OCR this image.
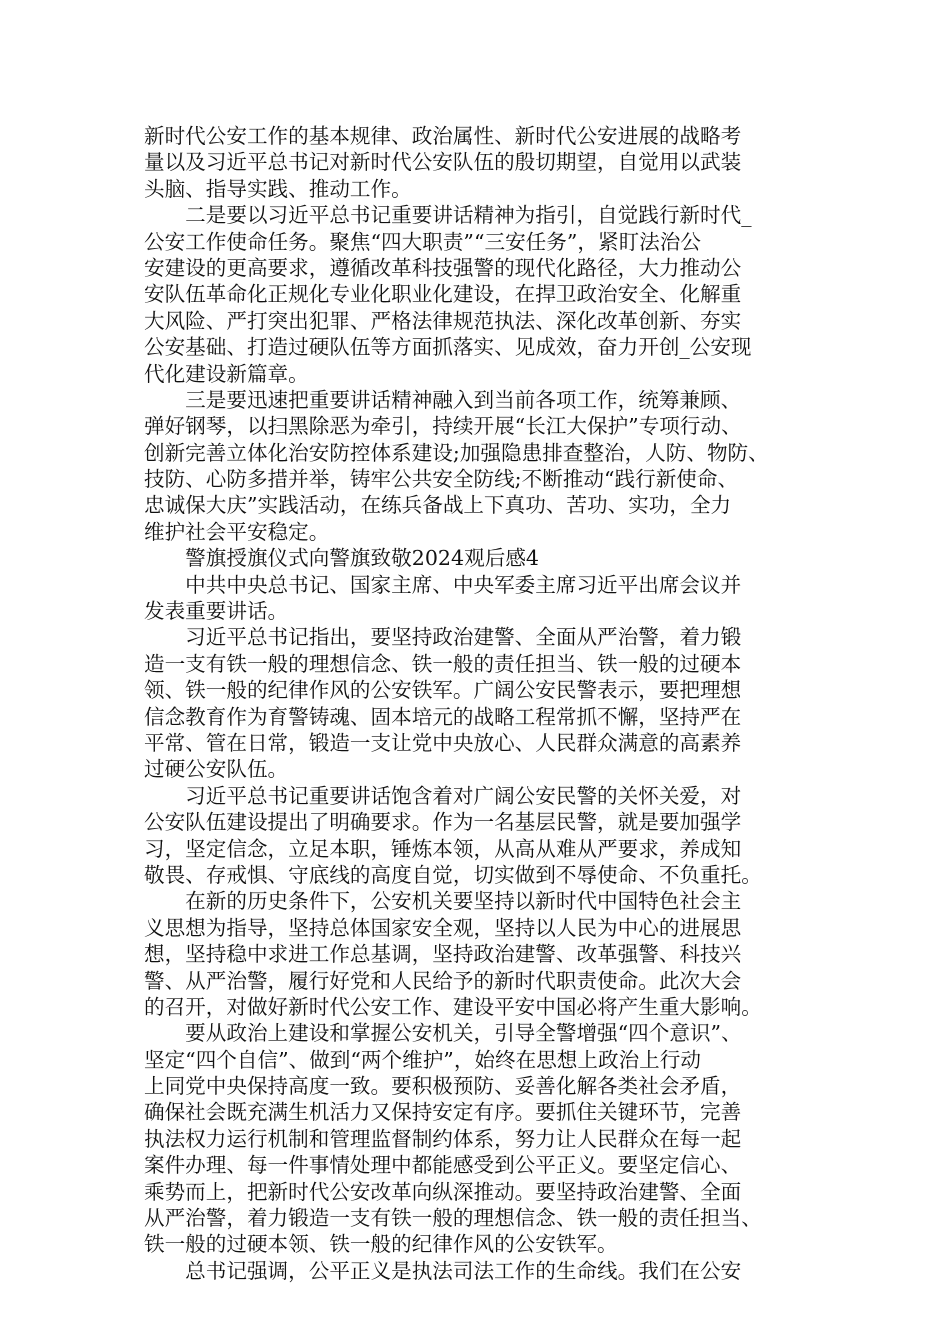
新时代公安工作的基本规律、政治属性、新时代公安进展的战略考
量以及习近平总书记对新时代公安队伍的殷切期望，自觉用以武装
头脑、指导实践、推动工作。
　　二是要以习近平总书记重要讲话精神为指引，自觉践行新时代_
公安工作使命任务。聚焦“四大职责”“三安任务”，紧盯法治公
安建设的更高要求，遵循改革科技强警的现代化路径，大力推动公
安队伍革命化正规化专业化职业化建设，在捍卫政治安全、化解重
大风险、严打突出犯罪、严格法律规范执法、深化改革创新、夯实
公安基础、打造过硬队伍等方面抓落实、见成效，奋力开创_公安现
代化建设新篇章。
　　三是要迅速把重要讲话精神融入到当前各项工作，统筹兼顾、
弹好钢琴，以扫黑除恶为牵引，持续开展“长江大保护”专项行动、
创新完善立体化治安防控体系建设;加强隐患排查整治，人防、物防、
技防、心防多措并举，铸牢公共安全防线;不断推动“践行新使命、
忠诚保大庆”实践活动，在练兵备战上下真功、苦功、实功，全力
维护社会平安稳定。
　　警旗授旗仪式向警旗致敬2024观后感4
　　中共中央总书记、国家主席、中央军委主席习近平出席会议并
发表重要讲话。
　　习近平总书记指出，要坚持政治建警、全面从严治警，着力锻
造一支有铁一般的理想信念、铁一般的责任担当、铁一般的过硬本
领、铁一般的纪律作风的公安铁军。广阔公安民警表示，要把理想
信念教育作为育警铸魂、固本培元的战略工程常抓不懈，坚持严在
平常、管在日常，锻造一支让党中央放心、人民群众满意的高素养
过硬公安队伍。
　　习近平总书记重要讲话饱含着对广阔公安民警的关怀关爱，对
公安队伍建设提出了明确要求。作为一名基层民警，就是要加强学
习，坚定信念，立足本职，锤炼本领，从高从难从严要求，养成知
敬畏、存戒惧、守底线的高度自觉，切实做到不辱使命、不负重托。
　　在新的历史条件下，公安机关要坚持以新时代中国特色社会主
义思想为指导，坚持总体国家安全观，坚持以人民为中心的进展思
想，坚持稳中求进工作总基调，坚持政治建警、改革强警、科技兴
警、从严治警，履行好党和人民给予的新时代职责使命。此次大会
的召开，对做好新时代公安工作、建设平安中国必将产生重大影响。
　　要从政治上建设和掌握公安机关，引导全警增强“四个意识”、
坚定“四个自信”、做到“两个维护”，始终在思想上政治上行动
上同党中央保持高度一致。要积极预防、妥善化解各类社会矛盾，
确保社会既充满生机活力又保持安定有序。要抓住关键环节，完善
执法权力运行机制和管理监督制约体系，努力让人民群众在每一起
案件办理、每一件事情处理中都能感受到公平正义。要坚定信心、
乘势而上，把新时代公安改革向纵深推动。要坚持政治建警、全面
从严治警，着力锻造一支有铁一般的理想信念、铁一般的责任担当、
铁一般的过硬本领、铁一般的纪律作风的公安铁军。
　　总书记强调，公平正义是执法司法工作的生命线。我们在公安
